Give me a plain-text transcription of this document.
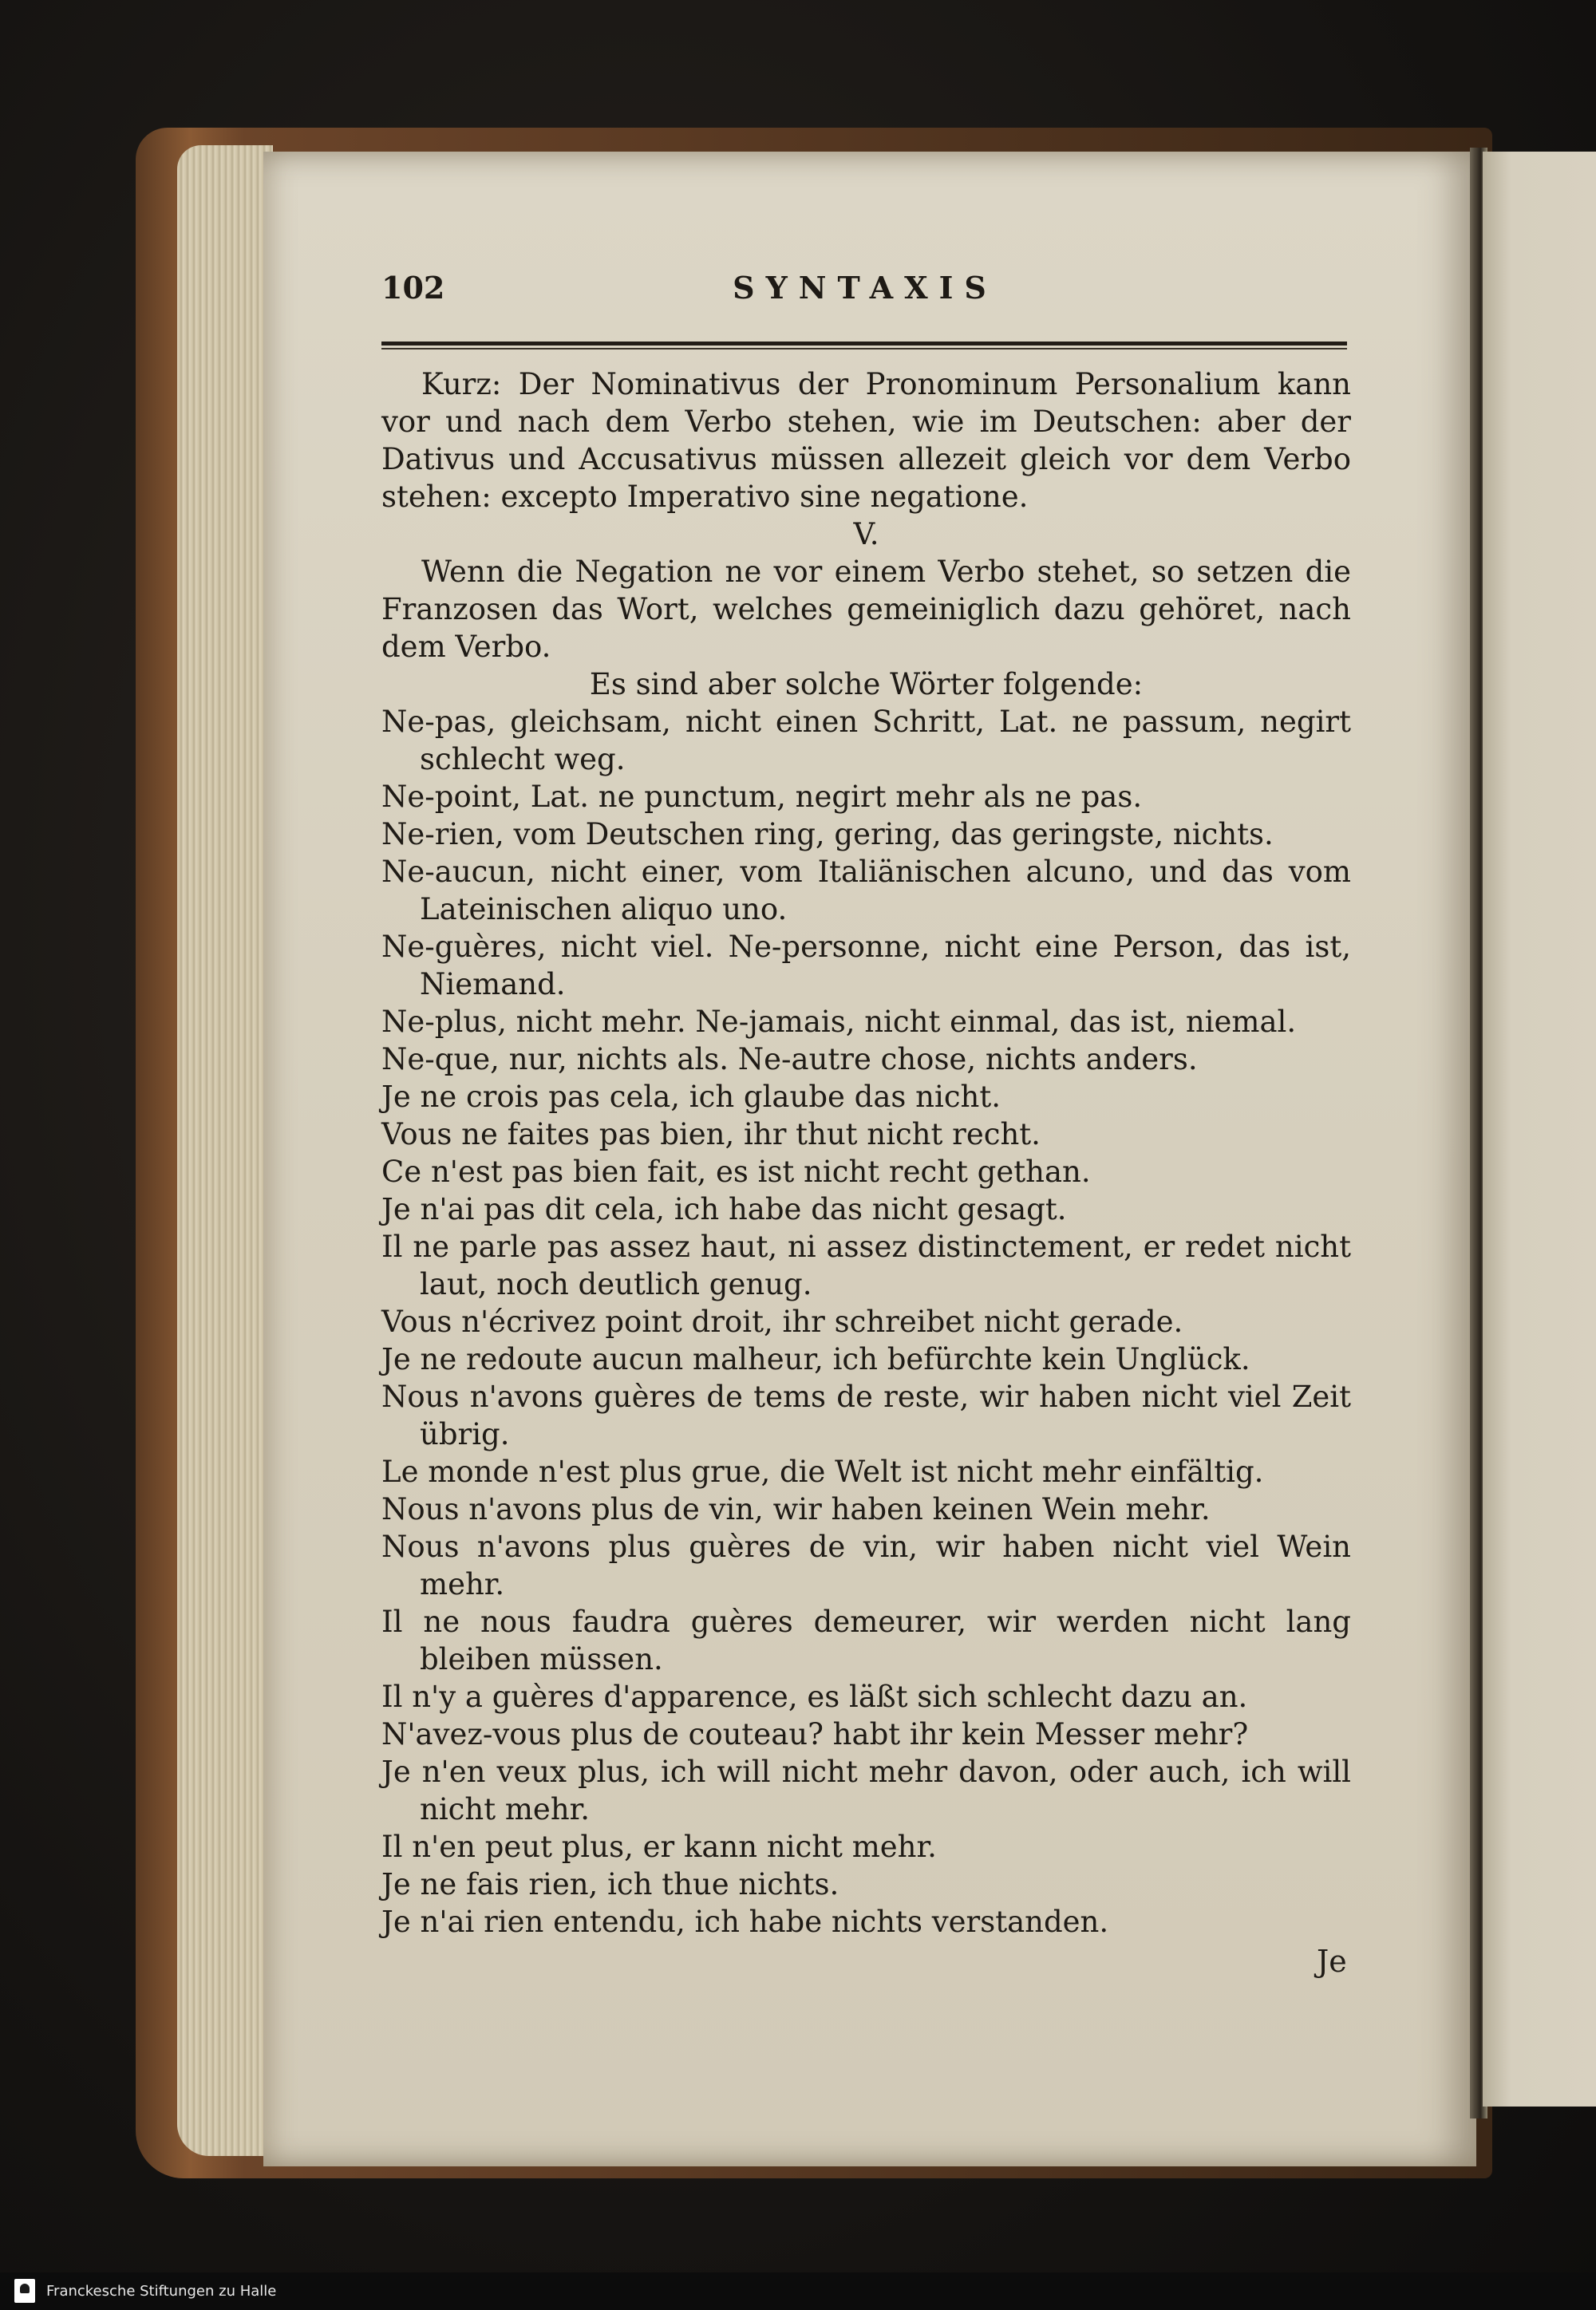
102	SYNTAXIS

Kurz: Der Nominativus der Pronominum Personalium kann vor und nach dem Verbo stehen, wie im Deutschen: aber der Dativus und Accusativus müssen allezeit gleich vor dem Verbo stehen: excepto Imperativo sine negatione.

V.

Wenn die Negation ne vor einem Verbo stehet, so setzen die Franzosen das Wort, welches gemeiniglich dazu gehöret, nach dem Verbo.

Es sind aber solche Wörter folgende:

Ne-pas, gleichsam, nicht einen Schritt, Lat. ne passum, negirt schlecht weg.

Ne-point, Lat. ne punctum, negirt mehr als ne pas.

Ne-rien, vom Deutschen ring, gering, das geringste, nichts.

Ne-aucun, nicht einer, vom Italiänischen alcuno, und das vom Lateinischen aliquo uno.

Ne-guères, nicht viel. Ne-personne, nicht eine Person, das ist, Niemand.

Ne-plus, nicht mehr. Ne-jamais, nicht einmal, das ist, niemal.

Ne-que, nur, nichts als. Ne-autre chose, nichts anders.

Je ne crois pas cela, ich glaube das nicht.

Vous ne faites pas bien, ihr thut nicht recht.

Ce n'est pas bien fait, es ist nicht recht gethan.

Je n'ai pas dit cela, ich habe das nicht gesagt.

Il ne parle pas assez haut, ni assez distinctement, er redet nicht laut, noch deutlich genug.

Vous n'écrivez point droit, ihr schreibet nicht gerade.

Je ne redoute aucun malheur, ich befürchte kein Unglück.

Nous n'avons guères de tems de reste, wir haben nicht viel Zeit übrig.

Le monde n'est plus grue, die Welt ist nicht mehr einfältig.

Nous n'avons plus de vin, wir haben keinen Wein mehr.

Nous n'avons plus guères de vin, wir haben nicht viel Wein mehr.

Il ne nous faudra guères demeurer, wir werden nicht lang bleiben müssen.

Il n'y a guères d'apparence, es läßt sich schlecht dazu an.

N'avez-vous plus de couteau? habt ihr kein Messer mehr?

Je n'en veux plus, ich will nicht mehr davon, oder auch, ich will nicht mehr.

Il n'en peut plus, er kann nicht mehr.

Je ne fais rien, ich thue nichts.

Je n'ai rien entendu, ich habe nichts verstanden.

Je
Franckesche Stiftungen zu Halle
